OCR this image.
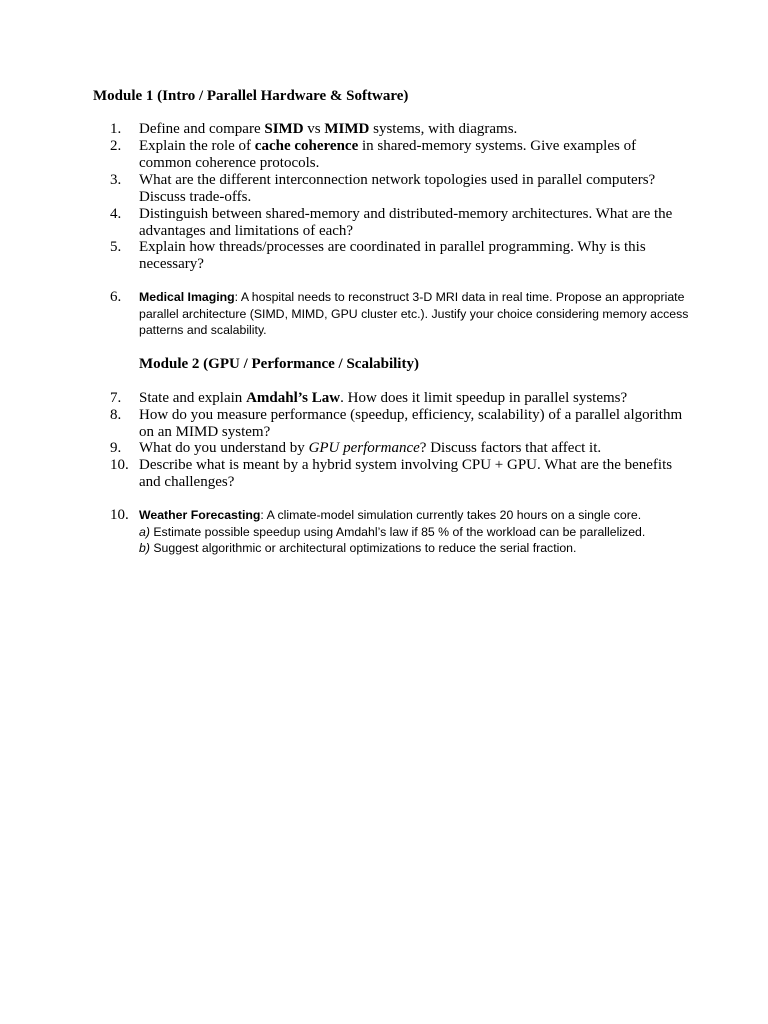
Module 1 (Intro / Parallel Hardware & Software)
1.	Define and compare SIMD vs MIMD systems, with diagrams.
2.	Explain the role of cache coherence in shared-memory systems. Give examples of common coherence protocols.
3.	What are the different interconnection network topologies used in parallel computers? Discuss trade-offs.
4.	Distinguish between shared-memory and distributed-memory architectures. What are the advantages and limitations of each?
5.	Explain how threads/processes are coordinated in parallel programming. Why is this necessary?
6.	Medical Imaging: A hospital needs to reconstruct 3-D MRI data in real time. Propose an appropriate parallel architecture (SIMD, MIMD, GPU cluster etc.). Justify your choice considering memory access patterns and scalability.
Module 2 (GPU / Performance / Scalability)
7.	State and explain Amdahl’s Law. How does it limit speedup in parallel systems?
8.	How do you measure performance (speedup, efficiency, scalability) of a parallel algorithm on an MIMD system?
9.	What do you understand by GPU performance? Discuss factors that affect it.
10. Describe what is meant by a hybrid system involving CPU + GPU. What are the benefits and challenges?
10. Weather Forecasting: A climate-model simulation currently takes 20 hours on a single core.
a) Estimate possible speedup using Amdahl’s law if 85 % of the workload can be parallelized.
b) Suggest algorithmic or architectural optimizations to reduce the serial fraction.
